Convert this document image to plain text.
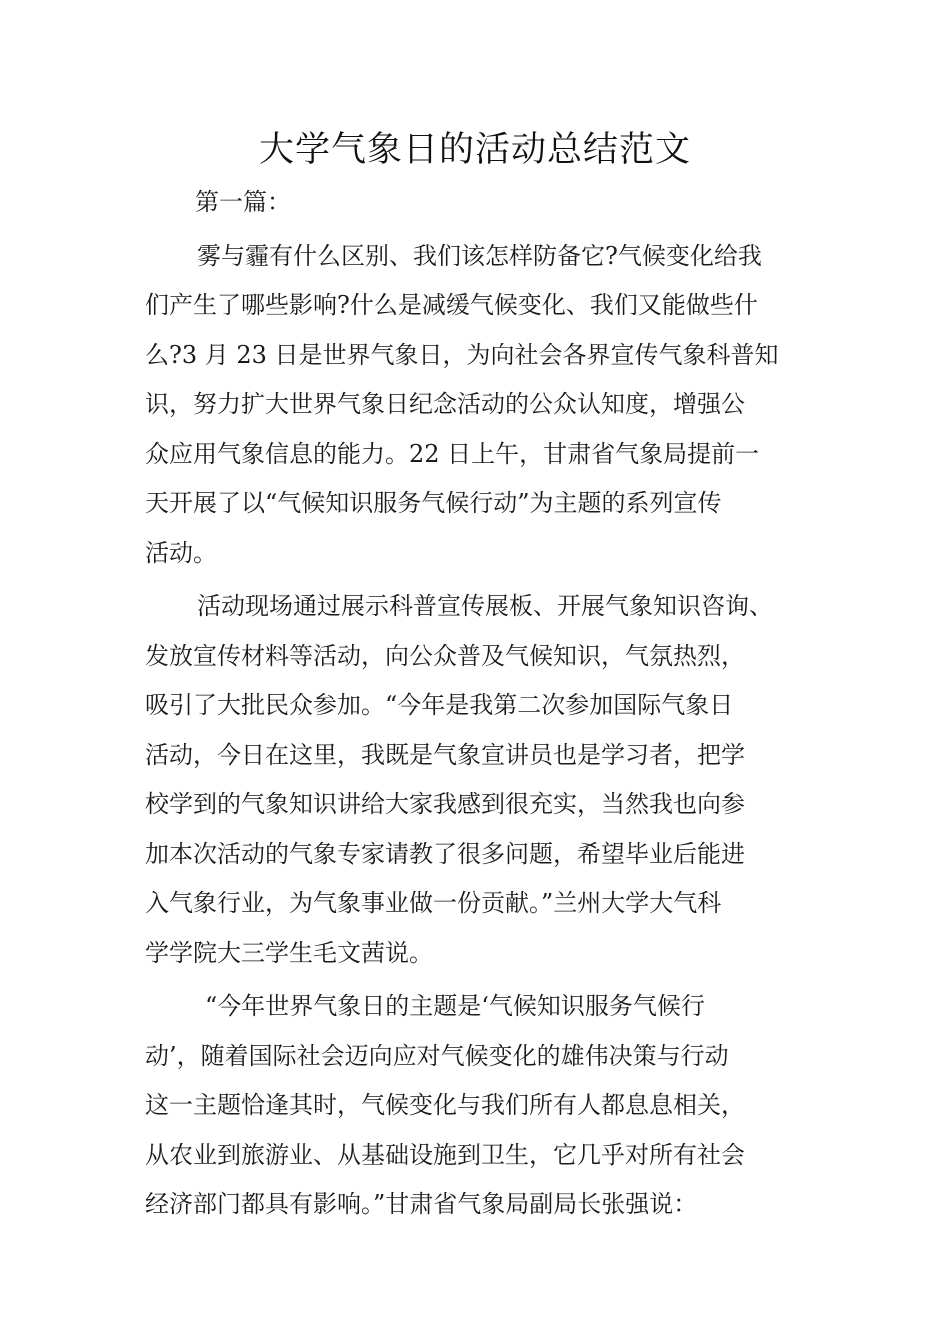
大学气象日的活动总结范文

第一篇：

雾与霾有什么区别、我们该怎样防备它?气候变化给我
们产生了哪些影响?什么是减缓气候变化、我们又能做些什
么?3 月 23 日是世界气象日，为向社会各界宣传气象科普知
识，努力扩大世界气象日纪念活动的公众认知度，增强公
众应用气象信息的能力。22 日上午，甘肃省气象局提前一
天开展了以“气候知识服务气候行动”为主题的系列宣传
活动。

活动现场通过展示科普宣传展板、开展气象知识咨询、
发放宣传材料等活动，向公众普及气候知识，气氛热烈，
吸引了大批民众参加。“今年是我第二次参加国际气象日
活动，今日在这里，我既是气象宣讲员也是学习者，把学
校学到的气象知识讲给大家我感到很充实，当然我也向参
加本次活动的气象专家请教了很多问题，希望毕业后能进
入气象行业，为气象事业做一份贡献。”兰州大学大气科
学学院大三学生毛文茜说。

“今年世界气象日的主题是‘气候知识服务气候行
动’，随着国际社会迈向应对气候变化的雄伟决策与行动
这一主题恰逢其时，气候变化与我们所有人都息息相关，
从农业到旅游业、从基础设施到卫生，它几乎对所有社会
经济部门都具有影响。”甘肃省气象局副局长张强说：
